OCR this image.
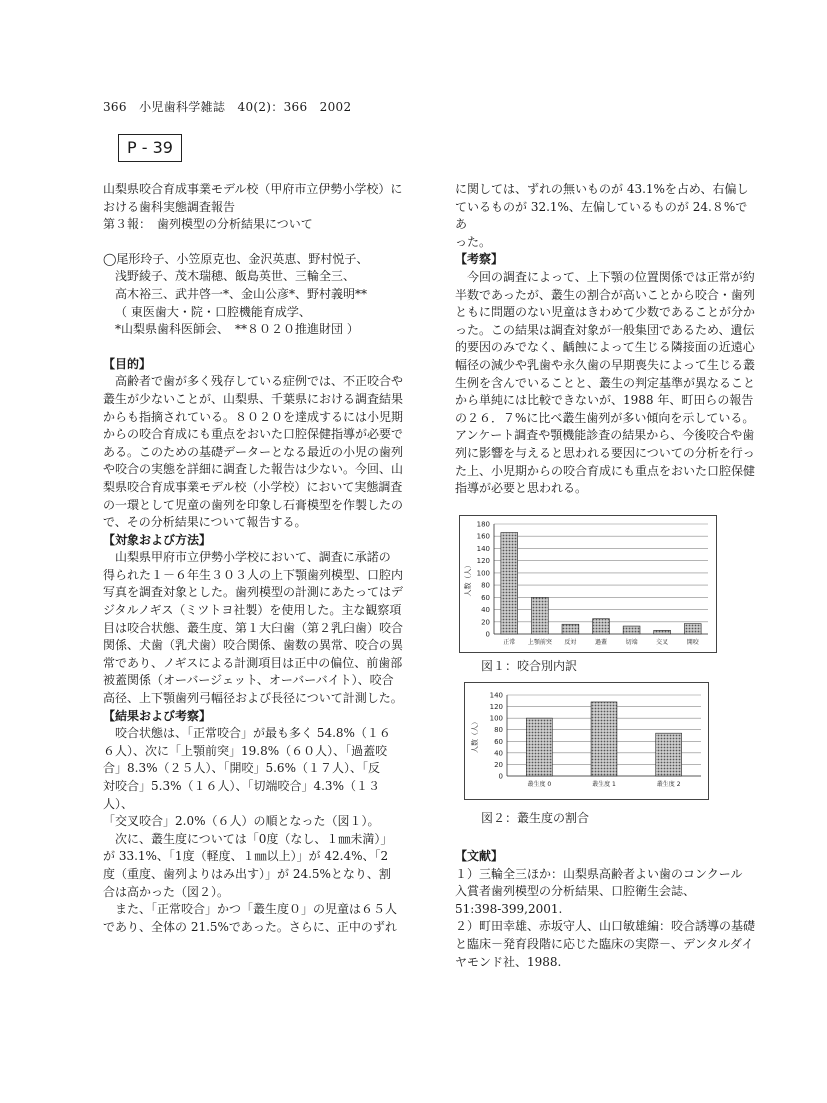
366　小児歯科学雑誌　40(2)：366　2002
P - 39

山梨県咬合育成事業モデル校（甲府市立伊勢小学校）に

おける歯科実態調査報告

第３報：　歯列模型の分析結果について

◯尾形玲子、小笠原克也、金沢英恵、野村悦子、

浅野綾子、茂木瑞穂、飯島英世、三輪全三、

高木裕三、武井啓一*、金山公彦*、野村義明**

（ 東医歯大・院・口腔機能育成学、

*山梨県歯科医師会、　**８０２０推進財団 ）

【目的】

高齢者で歯が多く残存している症例では、不正咬合や

叢生が少ないことが、山梨県、千葉県における調査結果

からも指摘されている。８０２０を達成するには小児期

からの咬合育成にも重点をおいた口腔保健指導が必要で

ある。このための基礎データーとなる最近の小児の歯列

や咬合の実態を詳細に調査した報告は少ない。今回、山

梨県咬合育成事業モデル校（小学校）において実態調査

の一環として児童の歯列を印象し石膏模型を作製したの

で、その分析結果について報告する。

【対象および方法】

山梨県甲府市立伊勢小学校において、調査に承諾の

得られた１－６年生３０３人の上下顎歯列模型、口腔内

写真を調査対象とした。歯列模型の計測にあたってはデ

ジタルノギス（ミツトヨ社製）を使用した。主な観察項

目は咬合状態、叢生度、第１大臼歯（第２乳臼歯）咬合

関係、犬歯（乳犬歯）咬合関係、歯数の異常、咬合の異

常であり、ノギスによる計測項目は正中の偏位、前歯部

被蓋関係（オーバージェット、オーバーバイト）、咬合

高径、上下顎歯列弓幅径および長径について計測した。

【結果および考察】

咬合状態は、「正常咬合」が最も多く 54.8%（１６

６人）、次に「上顎前突」19.8%（６０人）、「過蓋咬

合」8.3%（２５人）、「開咬」5.6%（１７人）、「反

対咬合」5.3%（１６人）、「切端咬合」4.3%（１３人）、

「交叉咬合」2.0%（６人）の順となった（図１）。

次に、叢生度については「0度（なし、１㎜未満）」

が 33.1%、「1度（軽度、１㎜以上）」が 42.4%、「2

度（重度、歯列よりはみ出す）」が 24.5%となり、割

合は高かった（図２）。

また、「正常咬合」かつ「叢生度０」の児童は６５人

であり、全体の 21.5%であった。さらに、正中のずれ

に関しては、ずれの無いものが 43.1%を占め、右偏し

ているものが 32.1%、左偏しているものが 24.８%であ

った。

【考察】

今回の調査によって、上下顎の位置関係では正常が約

半数であったが、叢生の割合が高いことから咬合・歯列

ともに問題のない児童はきわめて少数であることが分か

った。この結果は調査対象が一般集団であるため、遺伝

的要因のみでなく、齲蝕によって生じる隣接面の近遠心

幅径の減少や乳歯や永久歯の早期喪失によって生じる叢

生例を含んでいることと、叢生の判定基準が異なること

から単純には比較できないが、1988 年、町田らの報告

の２６．７%に比べ叢生歯列が多い傾向を示している。

アンケート調査や顎機能診査の結果から、今後咬合や歯

列に影響を与えると思われる要因についての分析を行っ

た上、小児期からの咬合育成にも重点をおいた口腔保健

指導が必要と思われる。

0
20
40
60
80
100
120
140
160
180
人数（人）
正常 上顎前突 反対	過蓋	切端	交叉	開咬
図１：咬合別内訳
0
20
40
60
80
100
120
140
人数（人）
叢生度 0	叢生度 1	叢生度 2
図２：叢生度の割合

【文献】

１）三輪全三ほか：山梨県高齢者よい歯のコンクール

入賞者歯列模型の分析結果、口腔衛生会誌、

51:398-399,2001.

２）町田幸雄、赤坂守人、山口敏雄編：咬合誘導の基礎

と臨床－発育段階に応じた臨床の実際－、デンタルダイ

ヤモンド社、1988.
